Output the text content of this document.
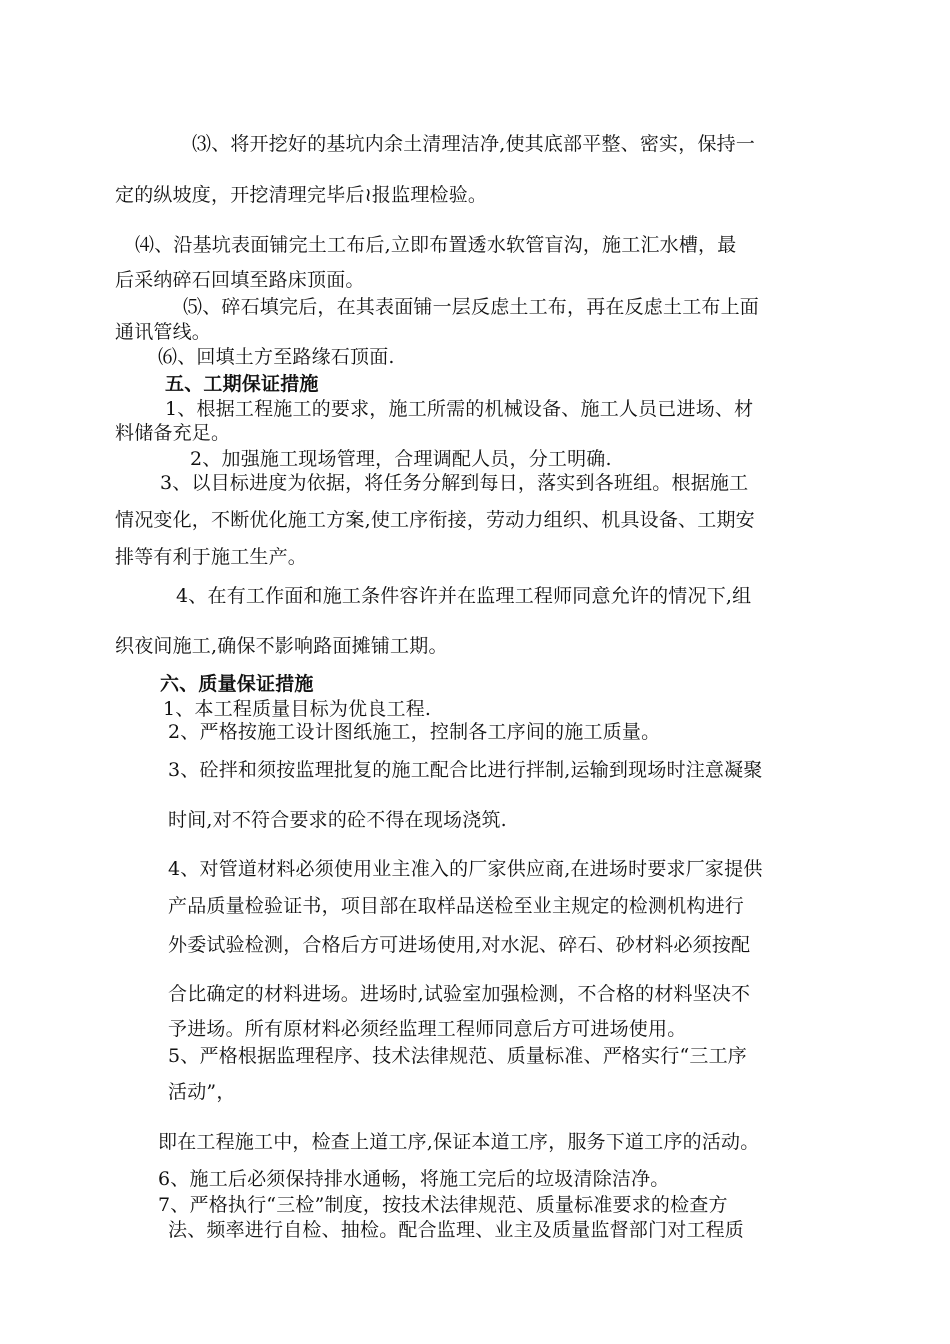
⑶、将开挖好的基坑内余土清理洁净,使其底部平整、密实，保持一
定的纵坡度，开挖清理完毕后≀报监理检验。
⑷、沿基坑表面铺完土工布后,立即布置透水软管盲沟，施工汇水槽，最
后采纳碎石回填至路床顶面。
⑸、碎石填完后，在其表面铺一层反虑土工布，再在反虑土工布上面
通讯管线。
⑹、回填土方至路缘石顶面.
五、工期保证措施
1、根据工程施工的要求，施工所需的机械设备、施工人员已进场、材
料储备充足。
2、加强施工现场管理，合理调配人员，分工明确.
3、以目标进度为依据，将任务分解到每日，落实到各班组。根据施工
情况变化，不断优化施工方案,使工序衔接，劳动力组织、机具设备、工期安
排等有利于施工生产。
4、在有工作面和施工条件容许并在监理工程师同意允许的情况下,组
织夜间施工,确保不影响路面摊铺工期。
六、质量保证措施
1、本工程质量目标为优良工程.
2、严格按施工设计图纸施工，控制各工序间的施工质量。
3、砼拌和须按监理批复的施工配合比进行拌制,运输到现场时注意凝聚
时间,对不符合要求的砼不得在现场浇筑.
4、对管道材料必须使用业主准入的厂家供应商,在进场时要求厂家提供
产品质量检验证书，项目部在取样品送检至业主规定的检测机构进行
外委试验检测，合格后方可进场使用,对水泥、碎石、砂材料必须按配
合比确定的材料进场。进场时,试验室加强检测，不合格的材料坚决不
予进场。所有原材料必须经监理工程师同意后方可进场使用。
5、严格根据监理程序、技术法律规范、质量标准、严格实行“三工序
活动”，
即在工程施工中，检查上道工序,保证本道工序，服务下道工序的活动。
6、施工后必须保持排水通畅，将施工完后的垃圾清除洁净。
7、严格执行“三检”制度，按技术法律规范、质量标准要求的检查方
法、频率进行自检、抽检。配合监理、业主及质量监督部门对工程质
